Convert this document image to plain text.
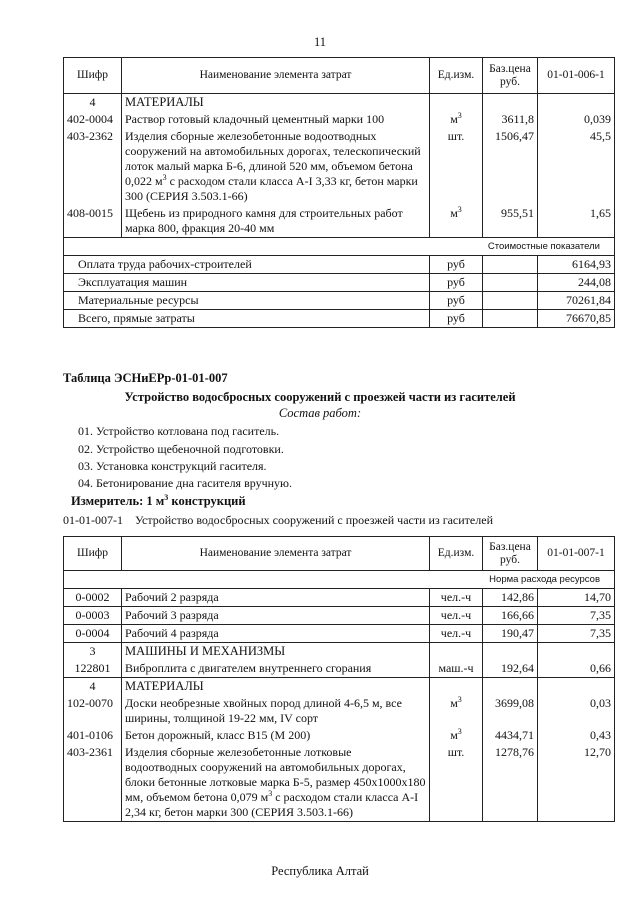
11
Шифр	Наименование элемента затрат	Ед.изм.	Баз.цена руб.	01-01-006-1
4	МАТЕРИАЛЫ			
402-0004	Раствор готовый кладочный цементный марки 100	$м^3$	3611,8	0,039
403-2362	Изделия сборные железобетонные водоотводных сооружений на автомобильных дорогах, телескопический лоток малый марка Б-6, длиной 520 мм, объемом бетона 0,022 $м^3$ с расходом стали класса А-I 3,33 кг, бетон марки 300 (СЕРИЯ 3.503.1-66)	шт.	1506,47	45,5
408-0015	Щебень из природного камня для строительных работ марка 800, фракция 20-40 мм	$м^3$	955,51	1,65
Стоимостные показатели				
Оплата труда рабочих-строителей		руб		6164,93
Эксплуатация машин		руб		244,08
Материальные ресурсы		руб		70261,84
Всего, прямые затраты		руб		76670,85
Таблица ЭСНиЕРр-01-01-007
Устройство водосбросных сооружений с проезжей части из гасителей
Состав работ:
01. Устройство котлована под гаситель.
02. Устройство щебеночной подготовки.
03. Установка конструкций гасителя.
04. Бетонирование дна гасителя вручную.
Измеритель: 1 $м^3$ конструкций
01-01-007-1    Устройство водосбросных сооружений с проезжей части из гасителей
Шифр	Наименование элемента затрат	Ед.изм.	Баз.цена руб.	01-01-007-1
Норма расхода ресурсов				
0-0002	Рабочий 2 разряда	чел.-ч	142,86	14,70
0-0003	Рабочий 3 разряда	чел.-ч	166,66	7,35
0-0004	Рабочий 4 разряда	чел.-ч	190,47	7,35
3	МАШИНЫ И МЕХАНИЗМЫ			
122801	Виброплита с двигателем внутреннего сгорания	маш.-ч	192,64	0,66
4	МАТЕРИАЛЫ			
102-0070	Доски необрезные хвойных пород длиной 4-6,5 м, все ширины, толщиной 19-22 мм, IV сорт	$м^3$	3699,08	0,03
401-0106	Бетон дорожный, класс В15 (М 200)	$м^3$	4434,71	0,43
403-2361	Изделия сборные железобетонные лотковые водоотводных сооружений на автомобильных дорогах, блоки бетонные лотковые марка Б-5, размер 450х1000х180 мм, объемом бетона 0,079 $м^3$ с расходом стали класса А-I 2,34 кг, бетон марки 300 (СЕРИЯ 3.503.1-66)	шт.	1278,76	12,70
Республика Алтай
